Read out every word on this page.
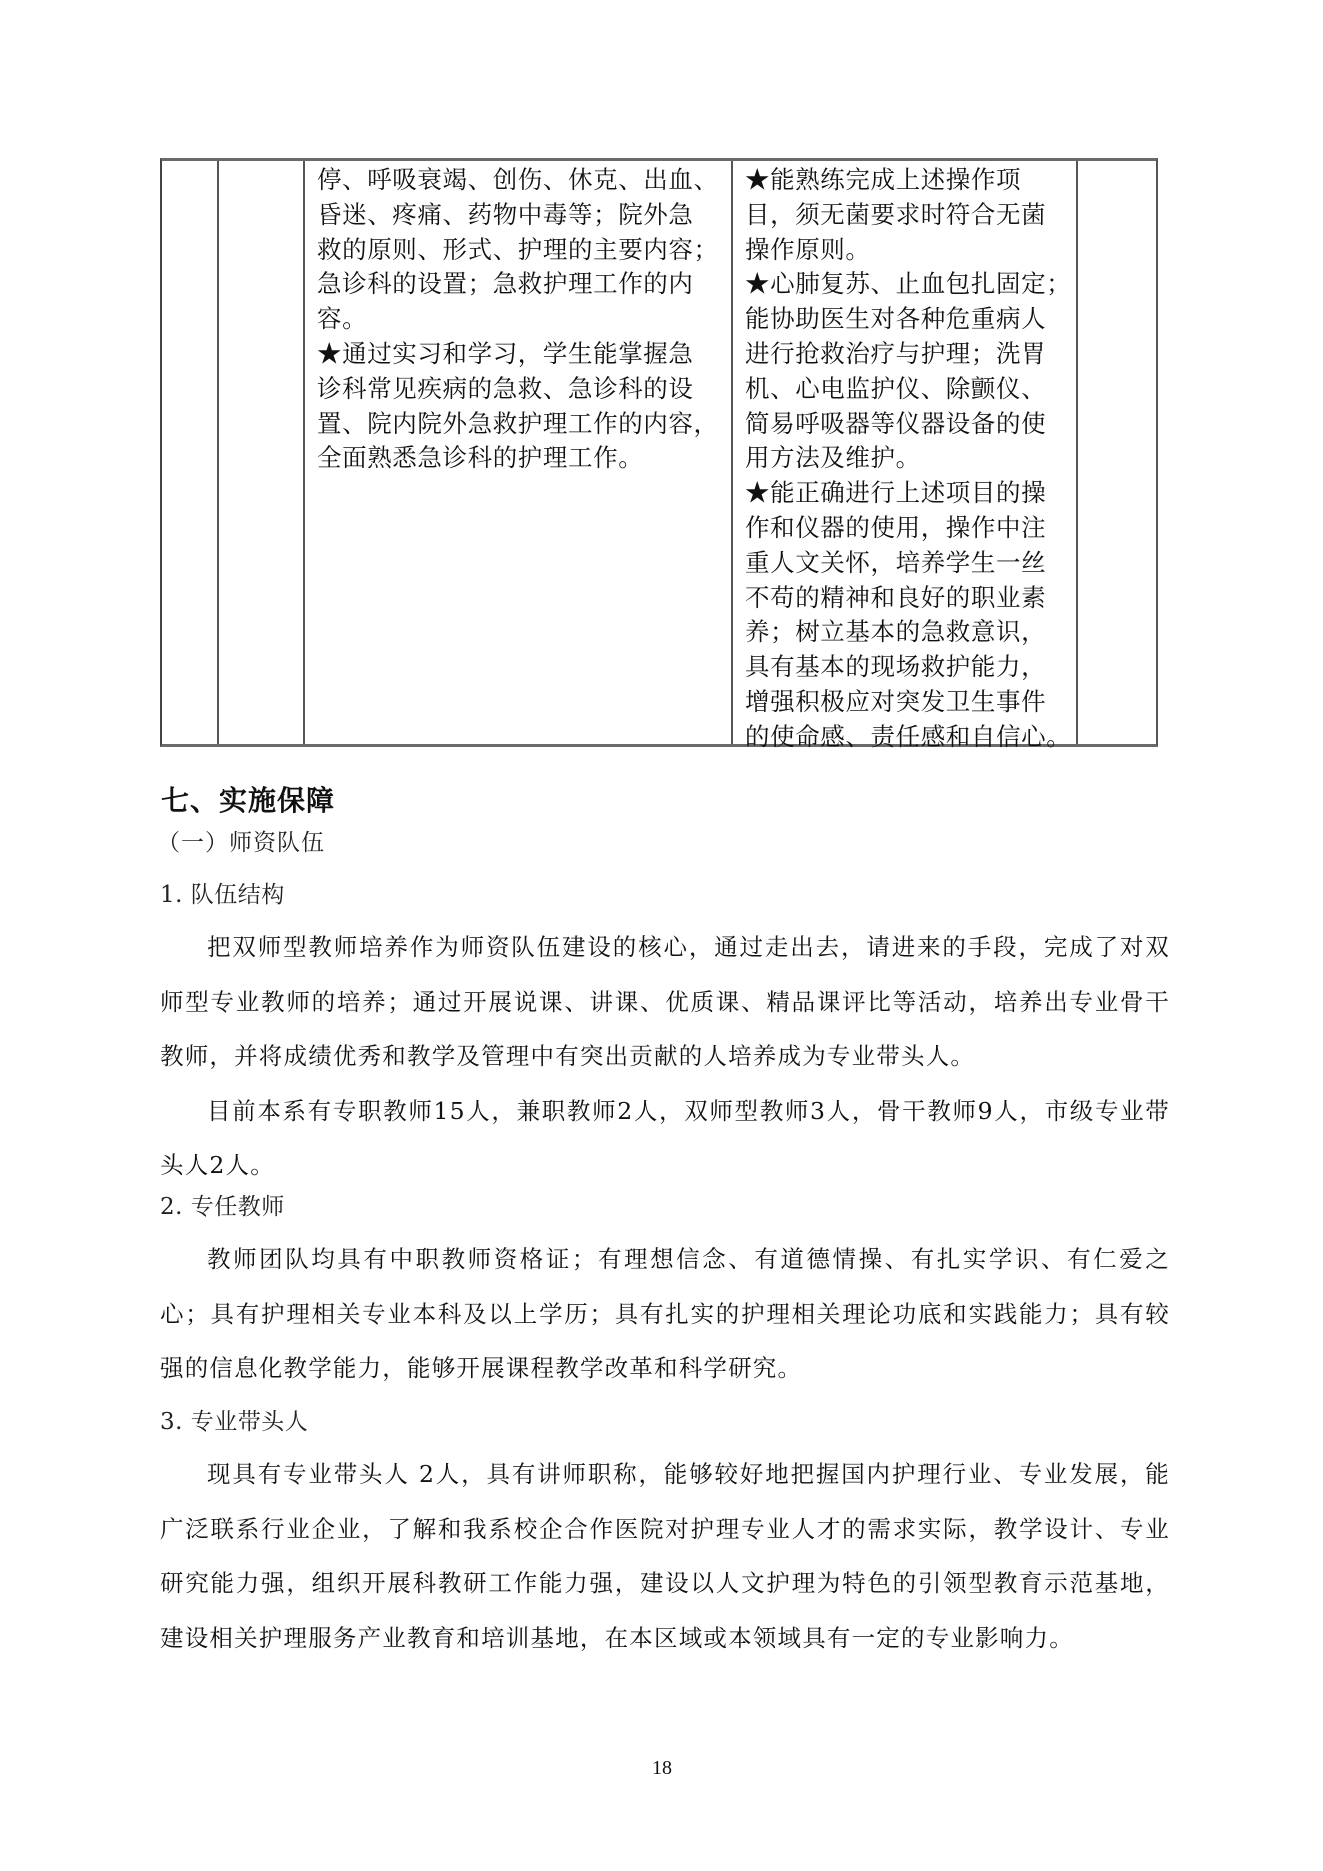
停、呼吸衰竭、创伤、休克、出血、

昏迷、疼痛、药物中毒等；院外急

救的原则、形式、护理的主要内容；

急诊科的设置；急救护理工作的内

容。

★通过实习和学习，学生能掌握急

诊科常见疾病的急救、急诊科的设

置、院内院外急救护理工作的内容，

全面熟悉急诊科的护理工作。

★能熟练完成上述操作项

目，须无菌要求时符合无菌

操作原则。

★心肺复苏、止血包扎固定；

能协助医生对各种危重病人

进行抢救治疗与护理；洗胃

机、心电监护仪、除颤仪、

简易呼吸器等仪器设备的使

用方法及维护。

★能正确进行上述项目的操

作和仪器的使用，操作中注

重人文关怀，培养学生一丝

不苟的精神和良好的职业素

养；树立基本的急救意识，

具有基本的现场救护能力，

增强积极应对突发卫生事件

的使命感、责任感和自信心。

七、实施保障
（一）师资队伍
1. 队伍结构

把双师型教师培养作为师资队伍建设的核心，通过走出去，请进来的手段，完成了对双师型专业教师的培养；通过开展说课、讲课、优质课、精品课评比等活动，培养出专业骨干教师，并将成绩优秀和教学及管理中有突出贡献的人培养成为专业带头人。

目前本系有专职教师15人，兼职教师2人，双师型教师3人，骨干教师9人，市级专业带头人2人。

2. 专任教师

教师团队均具有中职教师资格证；有理想信念、有道德情操、有扎实学识、有仁爱之心；具有护理相关专业本科及以上学历；具有扎实的护理相关理论功底和实践能力；具有较强的信息化教学能力，能够开展课程教学改革和科学研究。

3. 专业带头人

现具有专业带头人 2人，具有讲师职称，能够较好地把握国内护理行业、专业发展，能广泛联系行业企业，了解和我系校企合作医院对护理专业人才的需求实际，教学设计、专业研究能力强，组织开展科教研工作能力强，建设以人文护理为特色的引领型教育示范基地，建设相关护理服务产业教育和培训基地，在本区域或本领域具有一定的专业影响力。

18
